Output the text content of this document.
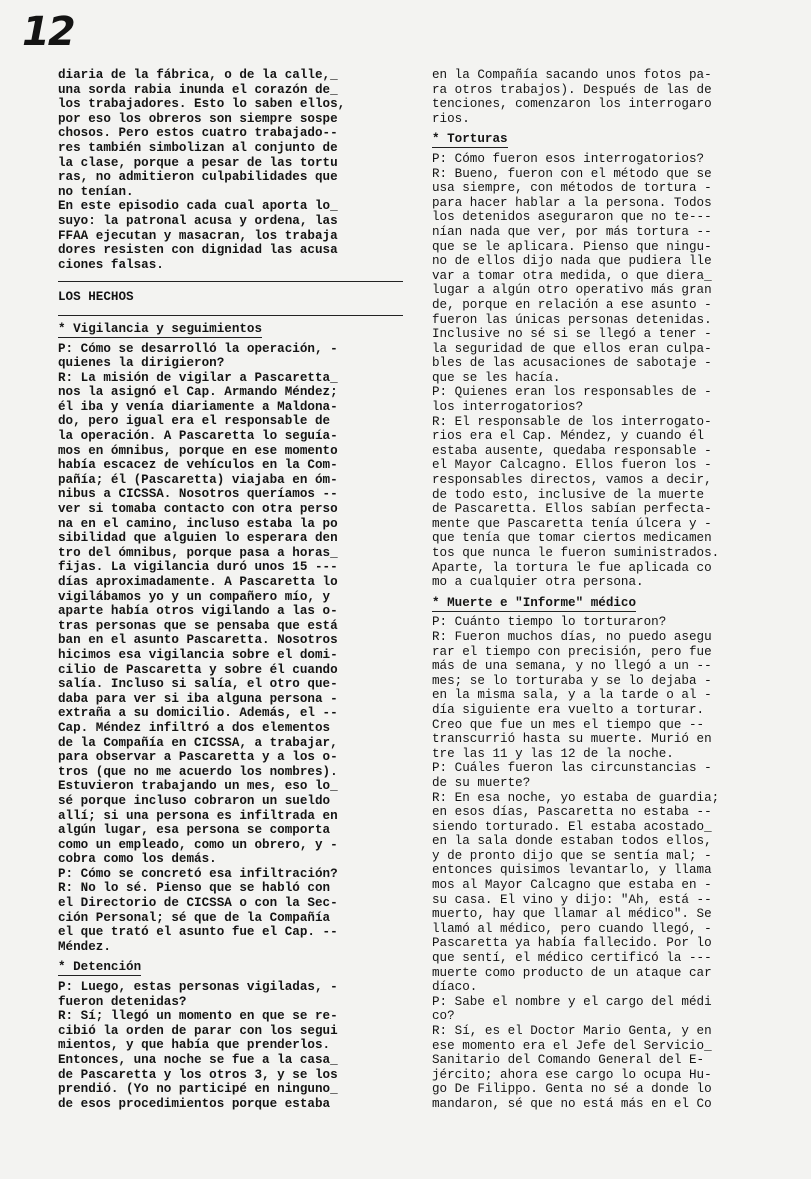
12

diaria de la fábrica, o de la calle,_

una sorda rabia inunda el corazón de_

los trabajadores. Esto lo saben ellos,

por eso los obreros son siempre sospe

chosos. Pero estos cuatro trabajado--

res también simbolizan al conjunto de

la clase, porque a pesar de las tortu

ras, no admitieron culpabilidades que

no tenían.

En este episodio cada cual aporta lo_

suyo: la patronal acusa y ordena, las

FFAA ejecutan y masacran, los trabaja

dores resisten con dignidad las acusa

ciones falsas.

LOS HECHOS

* Vigilancia y seguimientos

P: Cómo se desarrolló la operación, -

quienes la dirigieron?

R: La misión de vigilar a Pascaretta_

nos la asignó el Cap. Armando Méndez;

él iba y venía diariamente a Maldona-

do, pero igual era el responsable de

la operación. A Pascaretta lo seguía-

mos en ómnibus, porque en ese momento

había escacez de vehículos en la Com-

pañía; él (Pascaretta) viajaba en óm-

nibus a CICSSA. Nosotros queríamos --

ver si tomaba contacto con otra perso

na en el camino, incluso estaba la po

sibilidad que alguien lo esperara den

tro del ómnibus, porque pasa a horas_

fijas. La vigilancia duró unos 15 ---

días aproximadamente. A Pascaretta lo

vigilábamos yo y un compañero mío, y

aparte había otros vigilando a las o-

tras personas que se pensaba que está

ban en el asunto Pascaretta. Nosotros

hicimos esa vigilancia sobre el domi-

cilio de Pascaretta y sobre él cuando

salía. Incluso si salía, el otro que-

daba para ver si iba alguna persona -

extraña a su domicilio. Además, el --

Cap. Méndez infiltró a dos elementos

de la Compañía en CICSSA, a trabajar,

para observar a Pascaretta y a los o-

tros (que no me acuerdo los nombres).

Estuvieron trabajando un mes, eso lo_

sé porque incluso cobraron un sueldo

allí; si una persona es infiltrada en

algún lugar, esa persona se comporta

como un empleado, como un obrero, y -

cobra como los demás.

P: Cómo se concretó esa infiltración?

R: No lo sé. Pienso que se habló con

el Directorio de CICSSA o con la Sec-

ción Personal; sé que de la Compañía

el que trató el asunto fue el Cap. --

Méndez.

* Detención

P: Luego, estas personas vigiladas, -

fueron detenidas?

R: Sí; llegó un momento en que se re-

cibió la orden de parar con los segui

mientos, y que había que prenderlos.

Entonces, una noche se fue a la casa_

de Pascaretta y los otros 3, y se los

prendió. (Yo no participé en ninguno_

de esos procedimientos porque estaba

en la Compañía sacando unos fotos pa-

ra otros trabajos). Después de las de

tenciones, comenzaron los interrogaro

rios.

* Torturas

P: Cómo fueron esos interrogatorios?

R: Bueno, fueron con el método que se

usa siempre, con métodos de tortura -

para hacer hablar a la persona. Todos

los detenidos aseguraron que no te---

nían nada que ver, por más tortura --

que se le aplicara. Pienso que ningu-

no de ellos dijo nada que pudiera lle

var a tomar otra medida, o que diera_

lugar a algún otro operativo más gran

de, porque en relación a ese asunto -

fueron las únicas personas detenidas.

Inclusive no sé si se llegó a tener -

la seguridad de que ellos eran culpa-

bles de las acusaciones de sabotaje -

que se les hacía.

P: Quienes eran los responsables de -

los interrogatorios?

R: El responsable de los interrogato-

rios era el Cap. Méndez, y cuando él

estaba ausente, quedaba responsable -

el Mayor Calcagno. Ellos fueron los -

responsables directos, vamos a decir,

de todo esto, inclusive de la muerte

de Pascaretta. Ellos sabían perfecta-

mente que Pascaretta tenía úlcera y -

que tenía que tomar ciertos medicamen

tos que nunca le fueron suministrados.

Aparte, la tortura le fue aplicada co

mo a cualquier otra persona.

* Muerte e "Informe" médico

P: Cuánto tiempo lo torturaron?

R: Fueron muchos días, no puedo asegu

rar el tiempo con precisión, pero fue

más de una semana, y no llegó a un --

mes; se lo torturaba y se lo dejaba -

en la misma sala, y a la tarde o al -

día siguiente era vuelto a torturar.

Creo que fue un mes el tiempo que --

transcurrió hasta su muerte. Murió en

tre las 11 y las 12 de la noche.

P: Cuáles fueron las circunstancias -

de su muerte?

R: En esa noche, yo estaba de guardia;

en esos días, Pascaretta no estaba --

siendo torturado. El estaba acostado_

en la sala donde estaban todos ellos,

y de pronto dijo que se sentía mal; -

entonces quisimos levantarlo, y llama

mos al Mayor Calcagno que estaba en -

su casa. El vino y dijo: "Ah, está --

muerto, hay que llamar al médico". Se

llamó al médico, pero cuando llegó, -

Pascaretta ya había fallecido. Por lo

que sentí, el médico certificó la ---

muerte como producto de un ataque car

díaco.

P: Sabe el nombre y el cargo del médi

co?

R: Sí, es el Doctor Mario Genta, y en

ese momento era el Jefe del Servicio_

Sanitario del Comando General del E-

jército; ahora ese cargo lo ocupa Hu-

go De Filippo. Genta no sé a donde lo

mandaron, sé que no está más en el Co
